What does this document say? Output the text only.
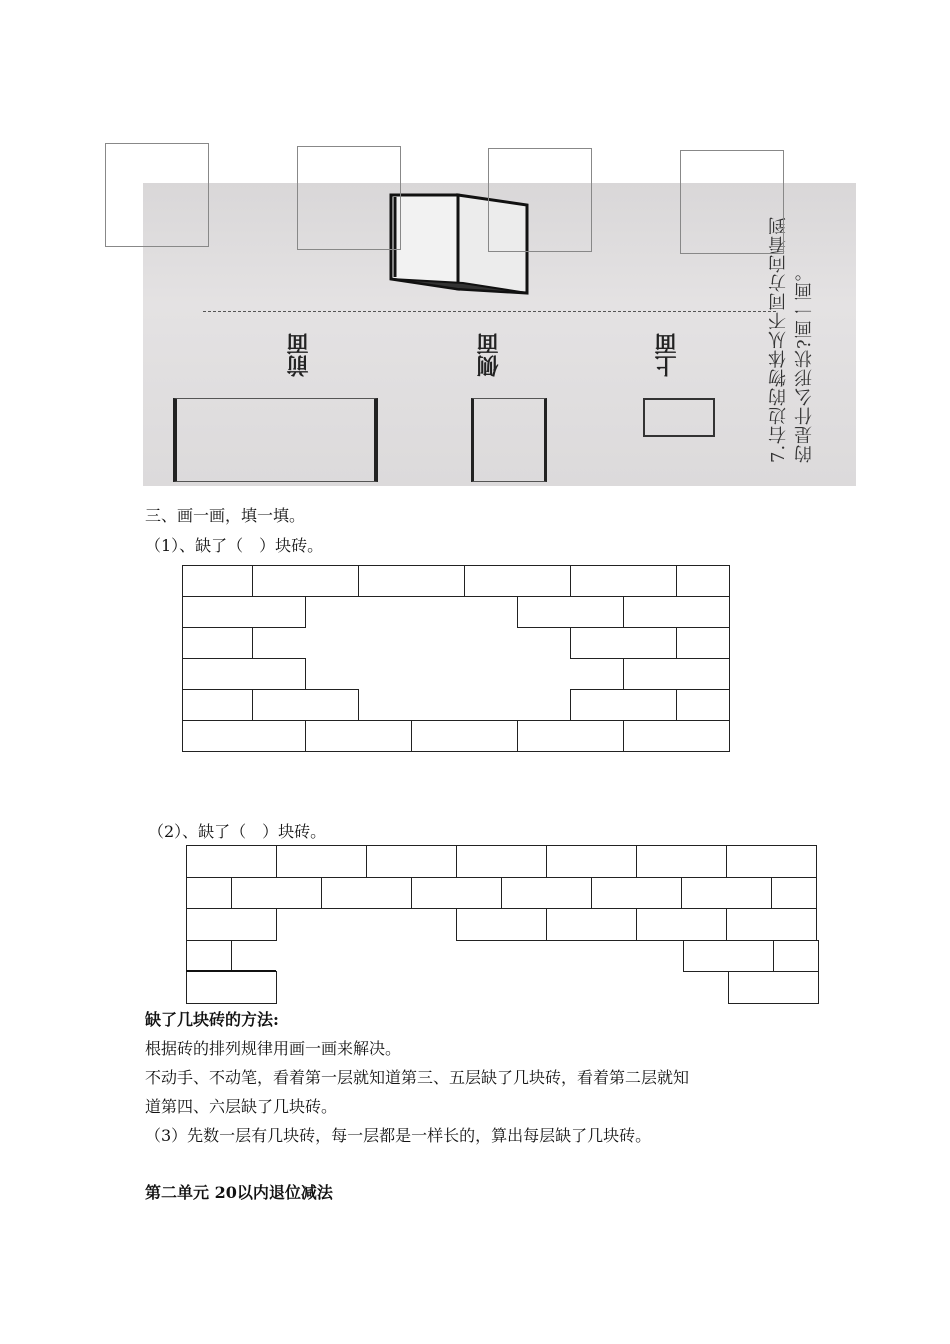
7.右边的物体从不同方向看到的是什么形状?画一画。
前面	侧面	上面
三、画一画，填一填。
（1）、缺了（　）块砖。
（2）、缺了（　）块砖。
缺了几块砖的方法:
根据砖的排列规律用画一画来解决。
不动手、不动笔，看着第一层就知道第三、五层缺了几块砖，看着第二层就知
道第四、六层缺了几块砖。
（3）先数一层有几块砖，每一层都是一样长的，算出每层缺了几块砖。
第二单元 20以内退位减法
